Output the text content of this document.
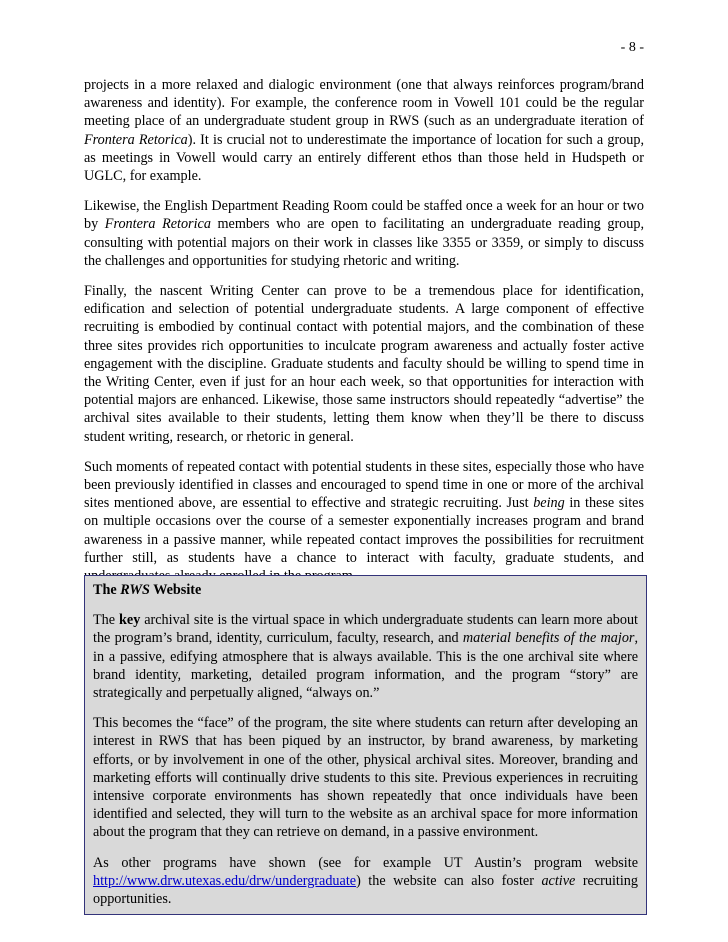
- 8 -

projects in a more relaxed and dialogic environment (one that always reinforces program/brand awareness and identity). For example, the conference room in Vowell 101 could be the regular meeting place of an undergraduate student group in RWS (such as an undergraduate iteration of Frontera Retorica). It is crucial not to underestimate the importance of location for such a group, as meetings in Vowell would carry an entirely different ethos than those held in Hudspeth or UGLC, for example.

Likewise, the English Department Reading Room could be staffed once a week for an hour or two by Frontera Retorica members who are open to facilitating an undergraduate reading group, consulting with potential majors on their work in classes like 3355 or 3359, or simply to discuss the challenges and opportunities for studying rhetoric and writing.

Finally, the nascent Writing Center can prove to be a tremendous place for identification, edification and selection of potential undergraduate students. A large component of effective recruiting is embodied by continual contact with potential majors, and the combination of these three sites provides rich opportunities to inculcate program awareness and actually foster active engagement with the discipline. Graduate students and faculty should be willing to spend time in the Writing Center, even if just for an hour each week, so that opportunities for interaction with potential majors are enhanced. Likewise, those same instructors should repeatedly “advertise” the archival sites available to their students, letting them know when they’ll be there to discuss student writing, research, or rhetoric in general.

Such moments of repeated contact with potential students in these sites, especially those who have been previously identified in classes and encouraged to spend time in one or more of the archival sites mentioned above, are essential to effective and strategic recruiting. Just being in these sites on multiple occasions over the course of a semester exponentially increases program and brand awareness in a passive manner, while repeated contact improves the possibilities for recruitment further still, as students have a chance to interact with faculty, graduate students, and

The RWS Website

The key archival site is the virtual space in which undergraduate students can learn more about the program’s brand, identity, curriculum, faculty, research, and material benefits of the major, in a passive, edifying atmosphere that is always available. This is the one archival site where brand identity, marketing, detailed program information, and the program “story” are strategically and perpetually aligned, “always on.”

This becomes the “face” of the program, the site where students can return after developing an interest in RWS that has been piqued by an instructor, by brand awareness, by marketing efforts, or by involvement in one of the other, physical archival sites. Moreover, branding and marketing efforts will continually drive students to this site. Previous experiences in recruiting intensive corporate environments has shown repeatedly that once individuals have been identified and selected, they will turn to the website as an archival space for more information about the program that they can retrieve on demand, in a passive environment.

As other programs have shown (see for example UT Austin’s program website http://www.drw.utexas.edu/drw/undergraduate) the website can also foster active recruiting opportunities.
